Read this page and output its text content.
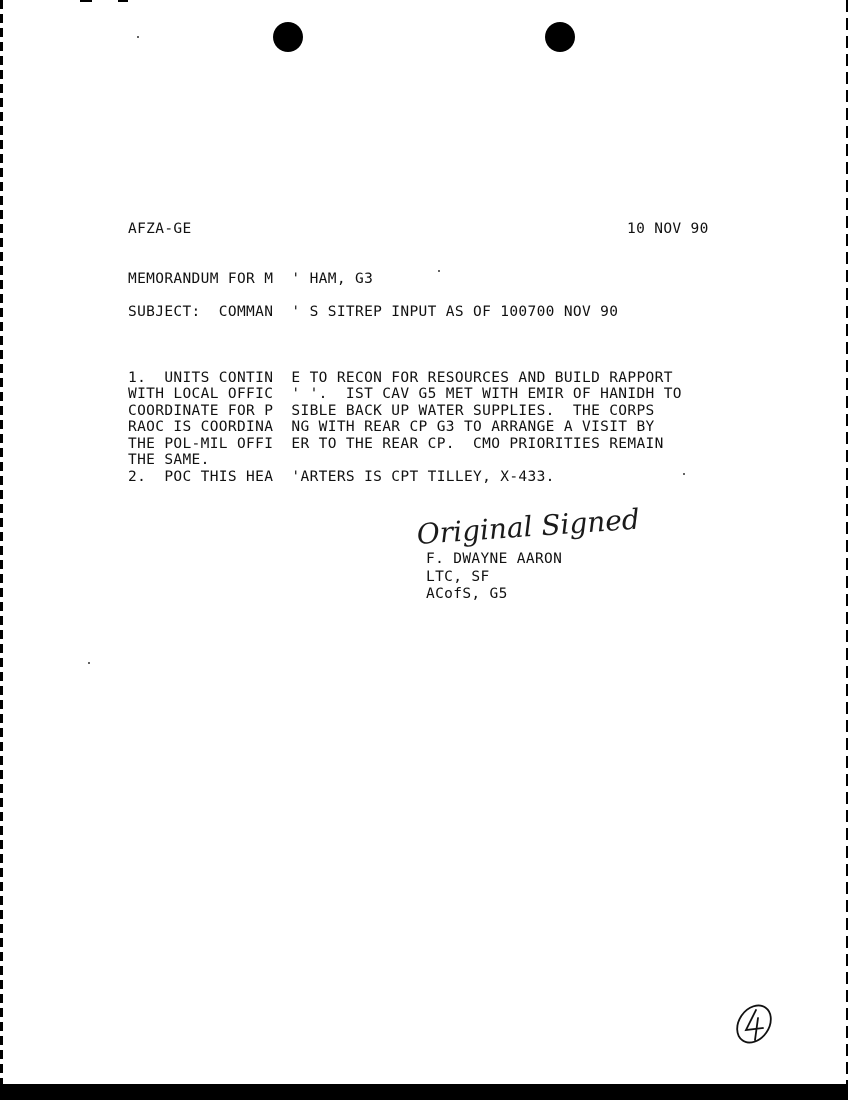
AFZA-GE	10 NOV 90

MEMORANDUM FOR M  ' HAM, G3

SUBJECT:  COMMAN  ' S SITREP INPUT AS OF 100700 NOV 90

1.  UNITS CONTIN  E TO RECON FOR RESOURCES AND BUILD RAPPORT
WITH LOCAL OFFIC  ' '.  IST CAV G5 MET WITH EMIR OF HANIDH TO
COORDINATE FOR P  SIBLE BACK UP WATER SUPPLIES.  THE CORPS
RAOC IS COORDINA  NG WITH REAR CP G3 TO ARRANGE A VISIT BY
THE POL-MIL OFFI  ER TO THE REAR CP.  CMO PRIORITIES REMAIN
THE SAME.

2.  POC THIS HEA  'ARTERS IS CPT TILLEY, X-433.

Original Signed

F. DWAYNE AARON

LTC, SF

ACofS, G5
